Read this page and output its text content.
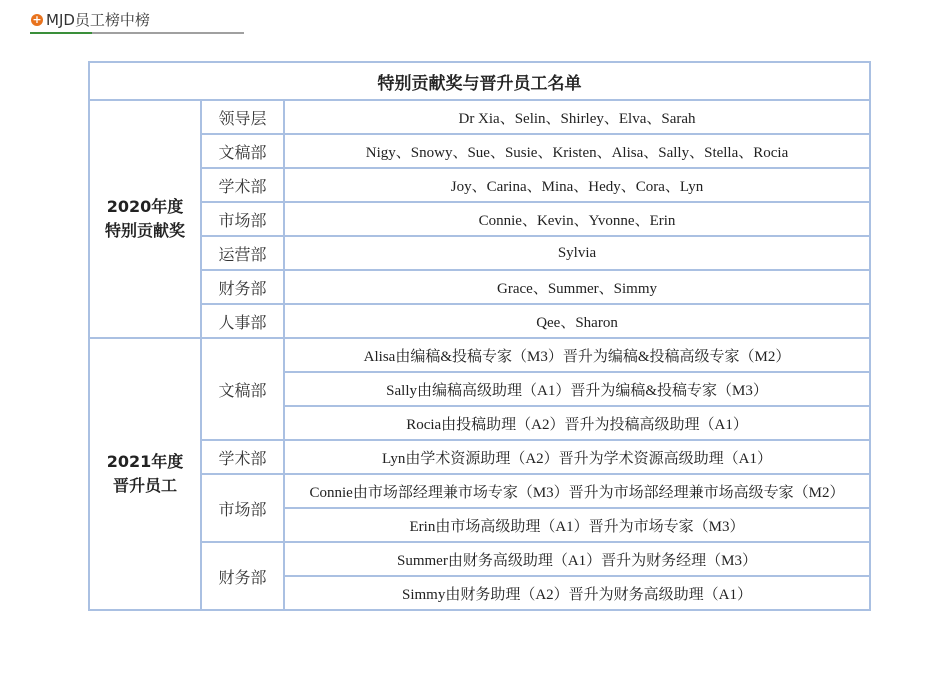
+ MJD员工榜中榜
特别贡献奖与晋升员工名单		

2020年度
特别贡献奖	领导层	Dr Xia、Selin、Shirley、Elva、Sarah
	文稿部	Nigy、Snowy、Sue、Susie、Kristen、Alisa、Sally、Stella、Rocia
	学术部	Joy、Carina、Mina、Hedy、Cora、Lyn
	市场部	Connie、Kevin、Yvonne、Erin
	运营部	Sylvia
	财务部	Grace、Summer、Simmy
	人事部	Qee、Sharon

2021年度
晋升员工	文稿部	Alisa由编稿&投稿专家（M3）晋升为编稿&投稿高级专家（M2）
		Sally由编稿高级助理（A1）晋升为编稿&投稿专家（M3）
		Rocia由投稿助理（A2）晋升为投稿高级助理（A1）
	学术部	Lyn由学术资源助理（A2）晋升为学术资源高级助理（A1）
	市场部	Connie由市场部经理兼市场专家（M3）晋升为市场部经理兼市场高级专家（M2）
		Erin由市场高级助理（A1）晋升为市场专家（M3）
	财务部	Summer由财务高级助理（A1）晋升为财务经理（M3）
		Simmy由财务助理（A2）晋升为财务高级助理（A1）
